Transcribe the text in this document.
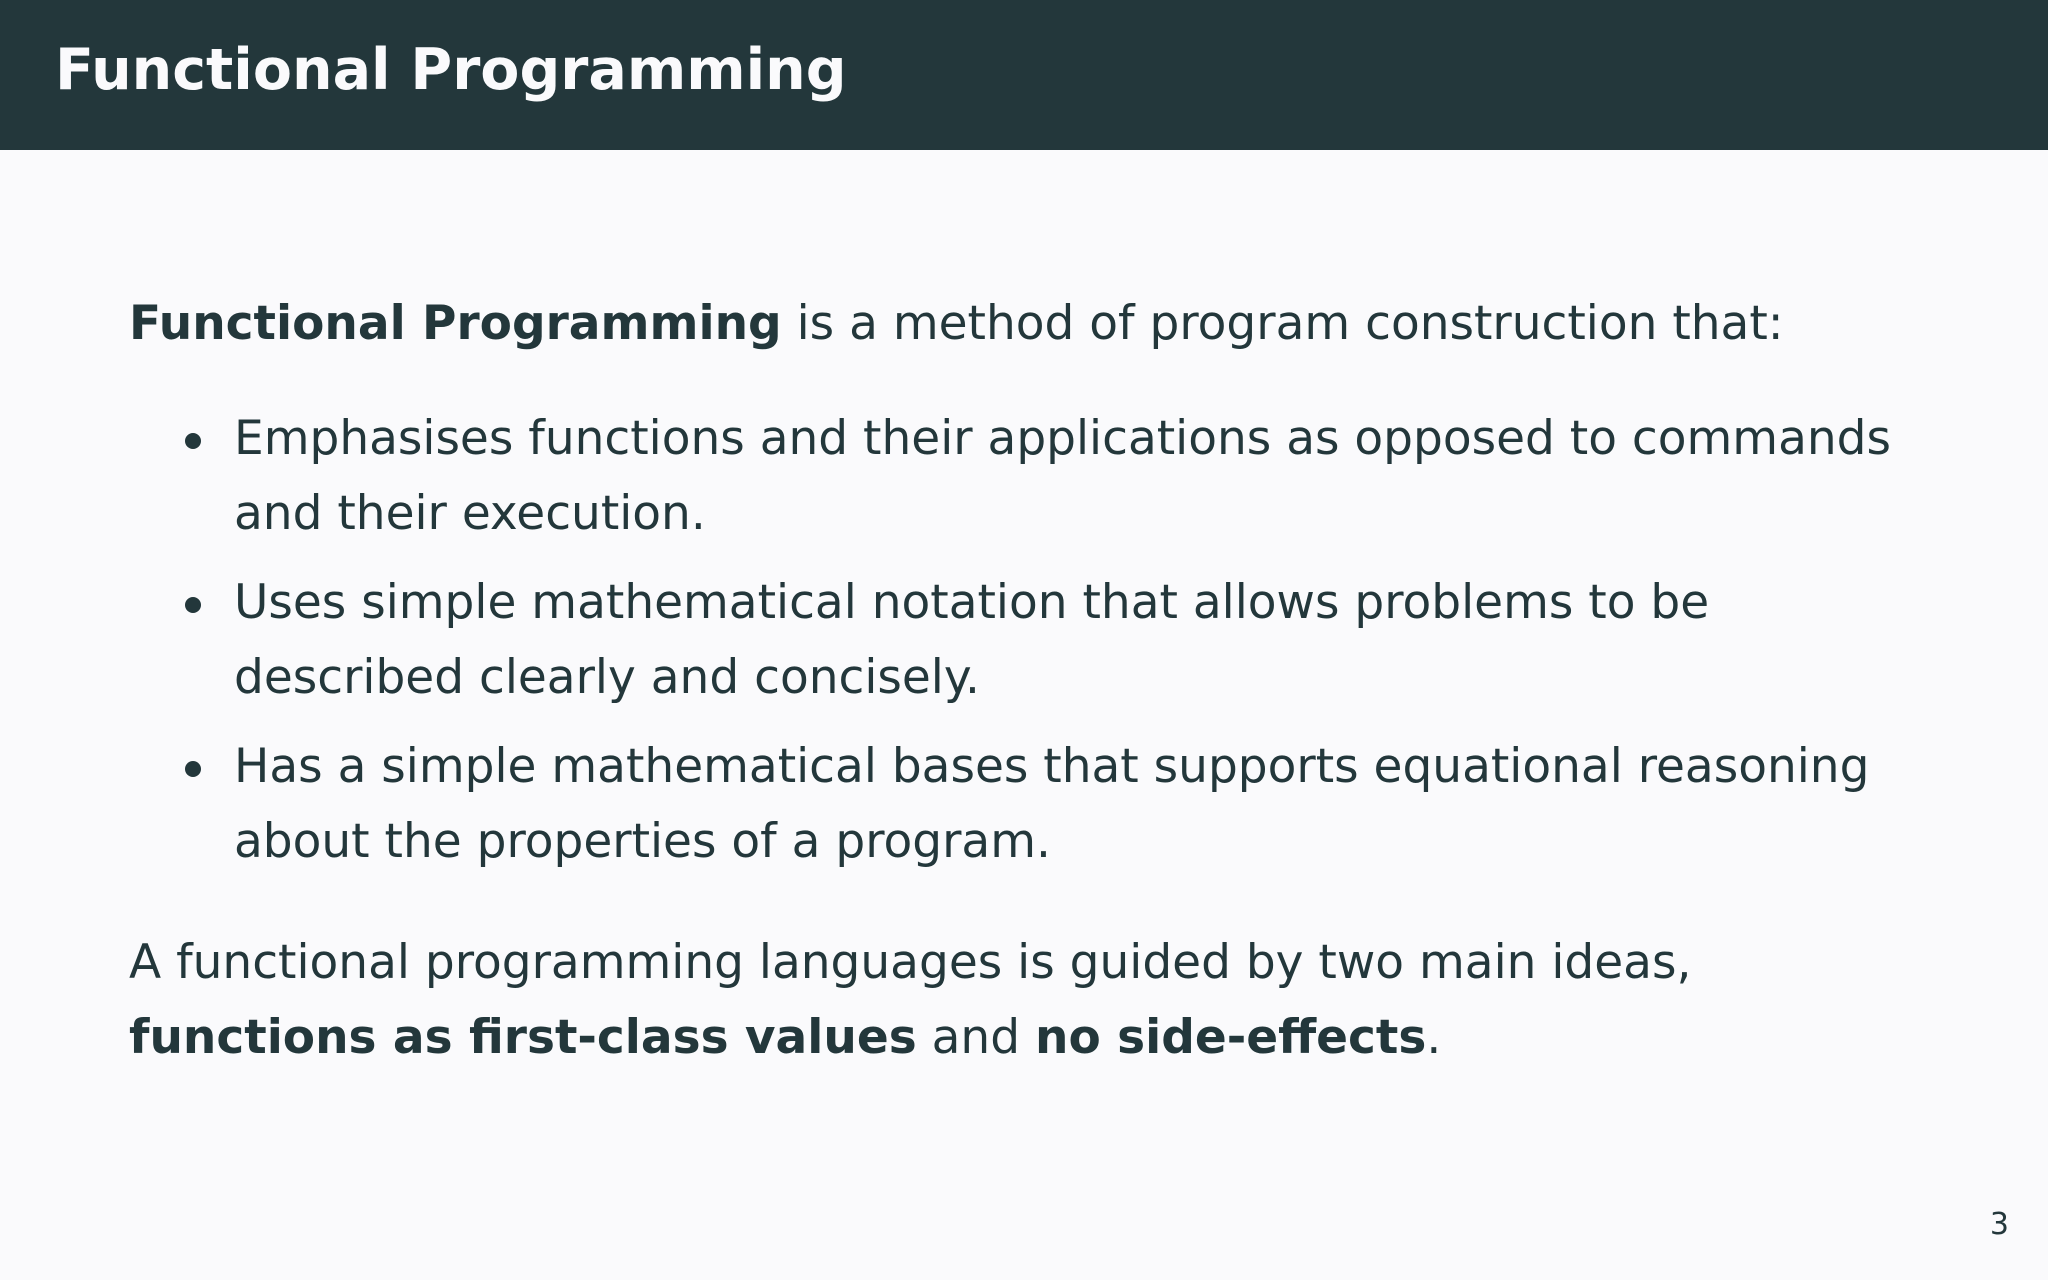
Functional Programming

Functional Programming is a method of program construction that:

Emphasises functions and their applications as opposed to commands and their execution.
Uses simple mathematical notation that allows problems to be described clearly and concisely.
Has a simple mathematical bases that supports equational reasoning about the properties of a program.

A functional programming languages is guided by two main ideas, functions as first-class values and no side-effects.

3
